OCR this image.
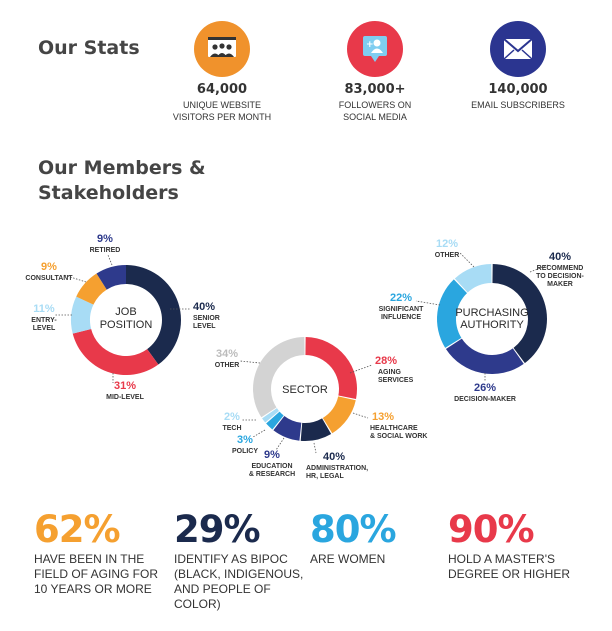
Our Stats
64,000
UNIQUE WEBSITE
VISITORS PER MONTH
+
83,000+
FOLLOWERS ON
SOCIAL MEDIA
140,000
EMAIL SUBSCRIBERS
Our Members & Stakeholders
40%
SENIOR
LEVEL
31%
MID-LEVEL
11%
ENTRY-
LEVEL
9%
CONSULTANT
9%
RETIRED
JOB
POSITION
28%
AGING
SERVICES
13%
HEALTHCARE
& SOCIAL WORK
40%
ADMINISTRATION,
HR, LEGAL
9%
EDUCATION
& RESEARCH
3%
POLICY
2%
TECH
34%
OTHER
SECTOR
40%
RECOMMEND
TO DECISION-
MAKER
26%
DECISION-MAKER
22%
SIGNIFICANT
INFLUENCE
12%
OTHER
PURCHASING
AUTHORITY
62%
HAVE BEEN IN THE FIELD OF AGING FOR 10 YEARS OR MORE
29%
IDENTIFY AS BIPOC (BLACK, INDIGENOUS, AND PEOPLE OF COLOR)
80%
ARE WOMEN
90%
HOLD A MASTER'S DEGREE OR HIGHER
